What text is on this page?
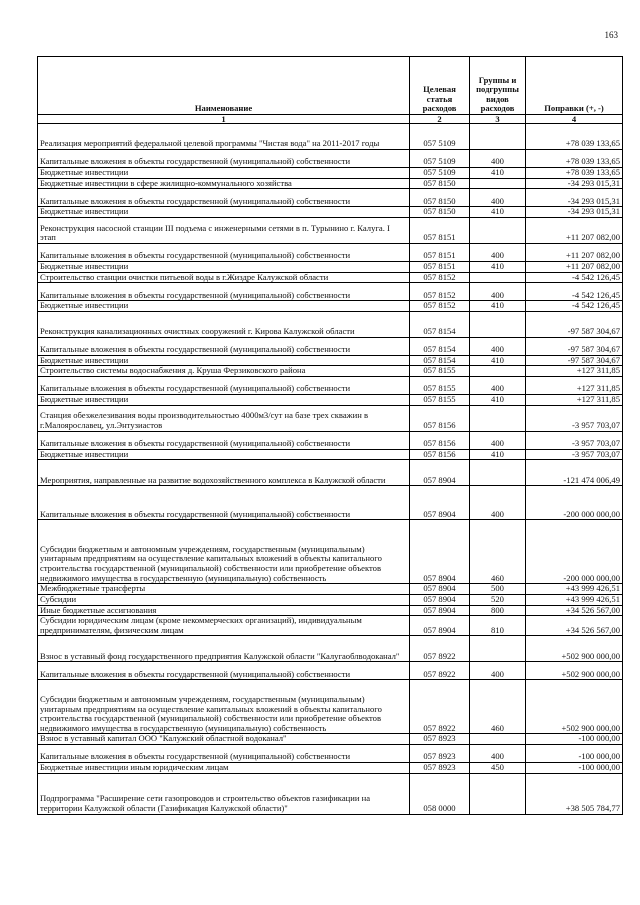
163
Наименование	Целевая статья расходов	Группы и подгруппы видов расходов	Поправки (+, -)
1	2	3	4
Реализация мероприятий федеральной целевой программы "Чистая вода" на 2011-2017 годы	057 5109		+78 039 133,65
Капитальные вложения в объекты государственной (муниципальной) собственности	057 5109	400	+78 039 133,65
Бюджетные инвестиции	057 5109	410	+78 039 133,65
Бюджетные инвестиции в сфере жилищно-коммунального хозяйства	057 8150		-34 293 015,31
Капитальные вложения в объекты государственной (муниципальной) собственности	057 8150	400	-34 293 015,31
Бюджетные инвестиции	057 8150	410	-34 293 015,31
Реконструкция насосной станции III подъема с инженерными сетями в п. Турынино г. Калуга. I этап	057 8151		+11 207 082,00
Капитальные вложения в объекты государственной (муниципальной) собственности	057 8151	400	+11 207 082,00
Бюджетные инвестиции	057 8151	410	+11 207 082,00
Строительство станции очистки питьевой воды в г.Жиздре Калужской области	057 8152		-4 542 126,45
Капитальные вложения в объекты государственной (муниципальной) собственности	057 8152	400	-4 542 126,45
Бюджетные инвестиции	057 8152	410	-4 542 126,45
Реконструкция канализационных очистных сооружений г. Кирова Калужской области	057 8154		-97 587 304,67
Капитальные вложения в объекты государственной (муниципальной) собственности	057 8154	400	-97 587 304,67
Бюджетные инвестиции	057 8154	410	-97 587 304,67
Строительство системы водоснабжения д. Круша Ферзиковского района	057 8155		+127 311,85
Капитальные вложения в объекты государственной (муниципальной) собственности	057 8155	400	+127 311,85
Бюджетные инвестиции	057 8155	410	+127 311,85
Станция обезжелезивания воды производительностью 4000м3/сут на базе трех скважин в г.Малоярославец, ул.Энтузиастов	057 8156		-3 957 703,07
Капитальные вложения в объекты государственной (муниципальной) собственности	057 8156	400	-3 957 703,07
Бюджетные инвестиции	057 8156	410	-3 957 703,07
Мероприятия, направленные на развитие водохозяйственного комплекса в Калужской области	057 8904		-121 474 006,49
Капитальные вложения в объекты государственной (муниципальной) собственности	057 8904	400	-200 000 000,00
Субсидии бюджетным и автономным учреждениям, государственным (муниципальным) унитарным предприятиям на осуществление капитальных вложений в объекты капитального строительства государственной (муниципальной) собственности или приобретение объектов недвижимого имущества в государственную (муниципальную) собственность	057 8904	460	-200 000 000,00
Межбюджетные трансферты	057 8904	500	+43 999 426,51
Субсидии	057 8904	520	+43 999 426,51
Иные бюджетные ассигнования	057 8904	800	+34 526 567,00
Субсидии юридическим лицам (кроме некоммерческих организаций), индивидуальным предпринимателям, физическим лицам	057 8904	810	+34 526 567,00
Взнос в уставный фонд государственного предприятия Калужской области "Калугаоблводоканал"	057 8922		+502 900 000,00
Капитальные вложения в объекты государственной (муниципальной) собственности	057 8922	400	+502 900 000,00
Субсидии бюджетным и автономным учреждениям, государственным (муниципальным) унитарным предприятиям на осуществление капитальных вложений в объекты капитального строительства государственной (муниципальной) собственности или приобретение объектов недвижимого имущества в государственную (муниципальную) собственность	057 8922	460	+502 900 000,00
Взнос в уставный капитал ООО "Калужский областной водоканал"	057 8923		-100 000,00
Капитальные вложения в объекты государственной (муниципальной) собственности	057 8923	400	-100 000,00
Бюджетные инвестиции иным юридическим лицам	057 8923	450	-100 000,00
Подпрограмма "Расширение сети газопроводов и строительство объектов газификации на территории Калужской области (Газификация Калужской области)"	058 0000		+38 505 784,77
